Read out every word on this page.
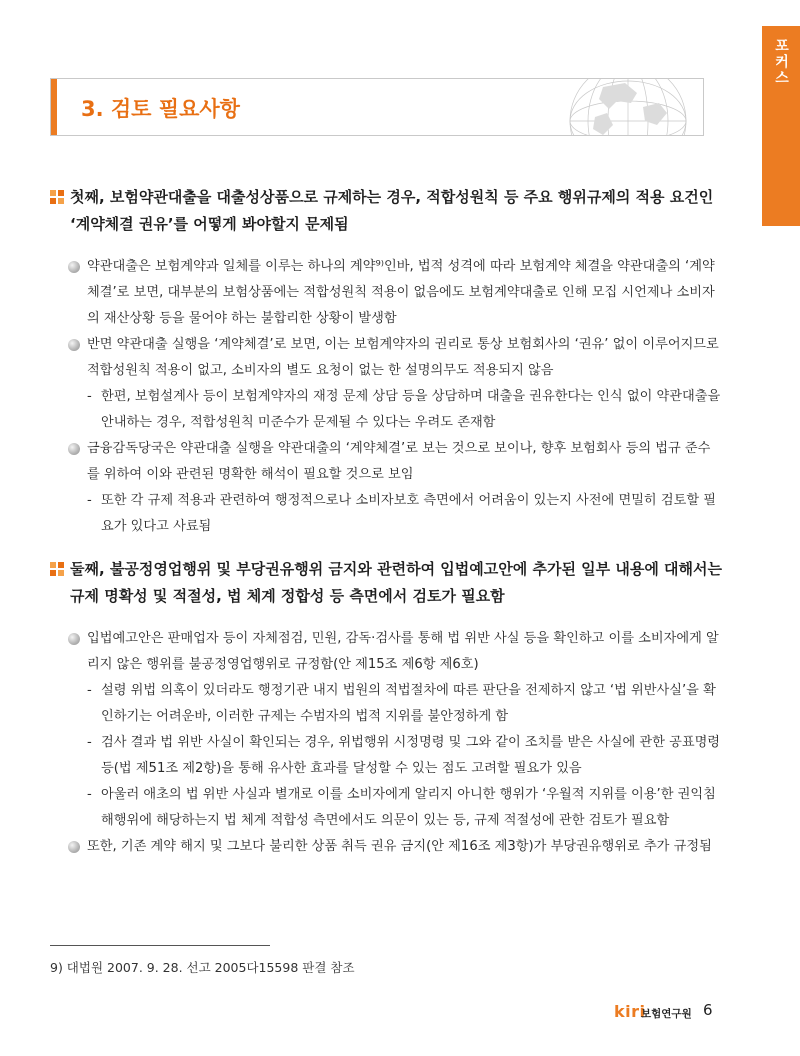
포커스
3. 검토 필요사항
첫째, 보험약관대출을 대출성상품으로 규제하는 경우, 적합성원칙 등 주요 행위규제의 적용 요건인 ‘계약체결 권유’를 어떻게 봐야할지 문제됨
약관대출은 보험계약과 일체를 이루는 하나의 계약⁹⁾인바, 법적 성격에 따라 보험계약 체결을 약관대출의 ‘계약체결’로 보면, 대부분의 보험상품에는 적합성원칙 적용이 없음에도 보험계약대출로 인해 모집 시언제나 소비자의 재산상황 등을 물어야 하는 불합리한 상황이 발생함
반면 약관대출 실행을 ‘계약체결’로 보면, 이는 보험계약자의 권리로 통상 보험회사의 ‘권유’ 없이 이루어지므로 적합성원칙 적용이 없고, 소비자의 별도 요청이 없는 한 설명의무도 적용되지 않음
- 한편, 보험설계사 등이 보험계약자의 재정 문제 상담 등을 상담하며 대출을 권유한다는 인식 없이 약관대출을 안내하는 경우, 적합성원칙 미준수가 문제될 수 있다는 우려도 존재함
금융감독당국은 약관대출 실행을 약관대출의 ‘계약체결’로 보는 것으로 보이나, 향후 보험회사 등의 법규 준수를 위하여 이와 관련된 명확한 해석이 필요할 것으로 보임
- 또한 각 규제 적용과 관련하여 행정적으로나 소비자보호 측면에서 어려움이 있는지 사전에 면밀히 검토할 필요가 있다고 사료됨
둘째, 불공정영업행위 및 부당권유행위 금지와 관련하여 입법예고안에 추가된 일부 내용에 대해서는 규제 명확성 및 적절성, 법 체계 정합성 등 측면에서 검토가 필요함
입법예고안은 판매업자 등이 자체점검, 민원, 감독·검사를 통해 법 위반 사실 등을 확인하고 이를 소비자에게 알리지 않은 행위를 불공정영업행위로 규정함(안 제15조 제6항 제6호)
- 설령 위법 의혹이 있더라도 행정기관 내지 법원의 적법절차에 따른 판단을 전제하지 않고 ‘법 위반사실’을 확인하기는 어려운바, 이러한 규제는 수범자의 법적 지위를 불안정하게 함
- 검사 결과 법 위반 사실이 확인되는 경우, 위법행위 시정명령 및 그와 같이 조치를 받은 사실에 관한 공표명령 등(법 제51조 제2항)을 통해 유사한 효과를 달성할 수 있는 점도 고려할 필요가 있음
- 아울러 애초의 법 위반 사실과 별개로 이를 소비자에게 알리지 아니한 행위가 ‘우월적 지위를 이용’한 권익침해행위에 해당하는지 법 체계 적합성 측면에서도 의문이 있는 등, 규제 적절성에 관한 검토가 필요함
또한, 기존 계약 해지 및 그보다 불리한 상품 취득 권유 금지(안 제16조 제3항)가 부당권유행위로 추가 규정됨
9) 대법원 2007. 9. 28. 선고 2005다15598 판결 참조
kiri
보험연구원 6
